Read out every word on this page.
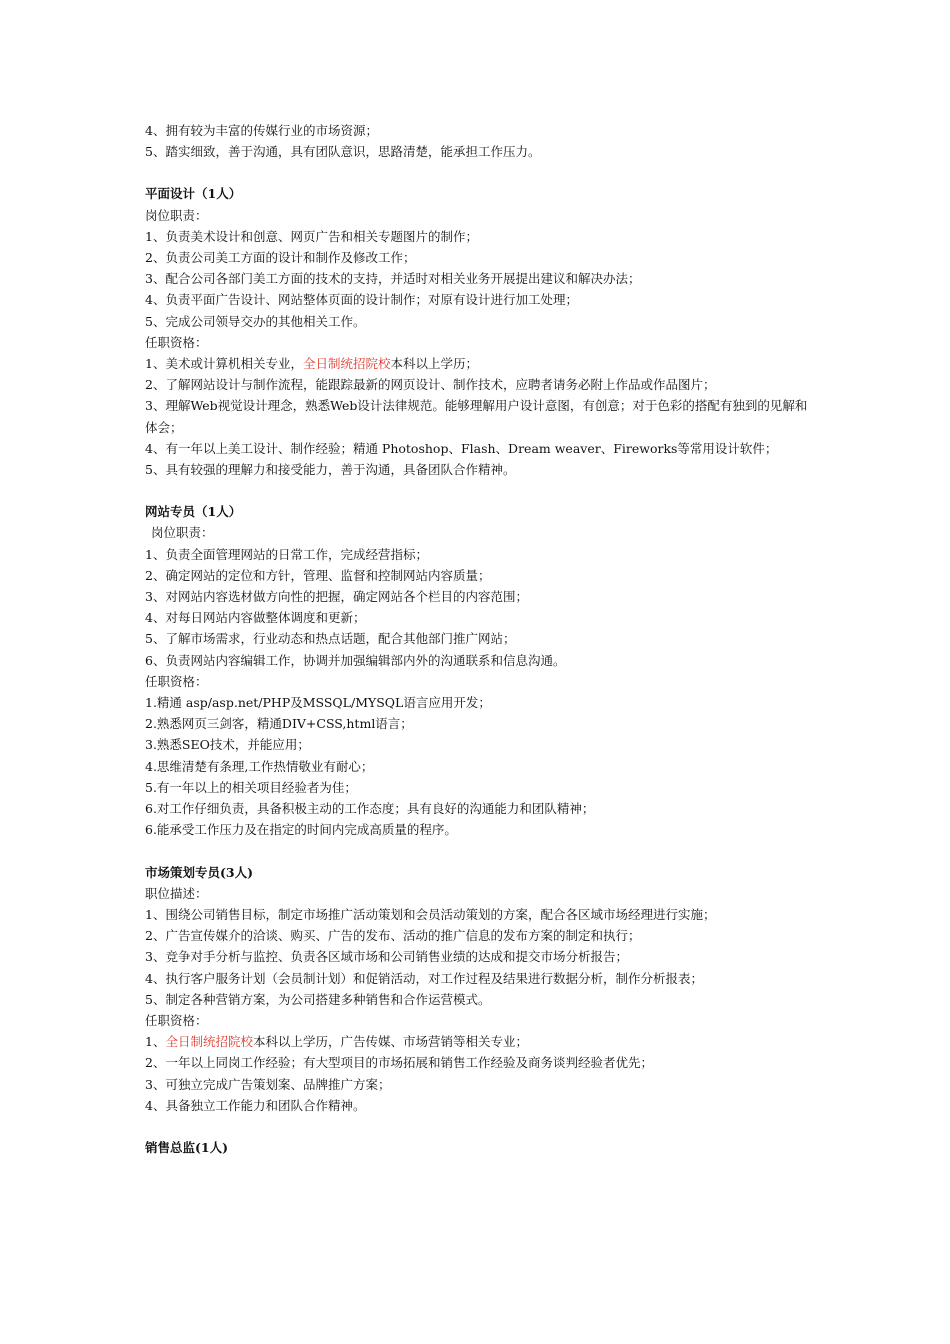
4、拥有较为丰富的传媒行业的市场资源；
5、踏实细致，善于沟通，具有团队意识，思路清楚，能承担工作压力。
平面设计（1人）
岗位职责：
1、负责美术设计和创意、网页广告和相关专题图片的制作；
2、负责公司美工方面的设计和制作及修改工作；
3、配合公司各部门美工方面的技术的支持，并适时对相关业务开展提出建议和解决办法；
4、负责平面广告设计、网站整体页面的设计制作；对原有设计进行加工处理；
5、完成公司领导交办的其他相关工作。
任职资格：
1、美术或计算机相关专业，全日制统招院校本科以上学历；
2、了解网站设计与制作流程，能跟踪最新的网页设计、制作技术，应聘者请务必附上作品或作品图片；
3、理解Web视觉设计理念，熟悉Web设计法律规范。能够理解用户设计意图，有创意；对于色彩的搭配有独到的见解和体会；
4、有一年以上美工设计、制作经验；精通 Photoshop、Flash、Dream weaver、Fireworks等常用设计软件；
5、具有较强的理解力和接受能力，善于沟通，具备团队合作精神。
网站专员（1人）
岗位职责：
1、负责全面管理网站的日常工作，完成经营指标；
2、确定网站的定位和方针，管理、监督和控制网站内容质量；
3、对网站内容选材做方向性的把握，确定网站各个栏目的内容范围；
4、对每日网站内容做整体调度和更新；
5、了解市场需求，行业动态和热点话题，配合其他部门推广网站；
6、负责网站内容编辑工作，协调并加强编辑部内外的沟通联系和信息沟通。
任职资格：
1.精通 asp/asp.net/PHP及MSSQL/MYSQL语言应用开发；
2.熟悉网页三剑客，精通DIV+CSS,html语言；
3.熟悉SEO技术，并能应用；
4.思维清楚有条理,工作热情敬业有耐心；
5.有一年以上的相关项目经验者为佳；
6.对工作仔细负责，具备积极主动的工作态度；具有良好的沟通能力和团队精神；
6.能承受工作压力及在指定的时间内完成高质量的程序。
市场策划专员(3人)
职位描述：
1、围绕公司销售目标，制定市场推广活动策划和会员活动策划的方案，配合各区域市场经理进行实施；
2、广告宣传媒介的洽谈、购买、广告的发布、活动的推广信息的发布方案的制定和执行；
3、竞争对手分析与监控、负责各区域市场和公司销售业绩的达成和提交市场分析报告；
4、执行客户服务计划（会员制计划）和促销活动，对工作过程及结果进行数据分析，制作分析报表；
5、制定各种营销方案，为公司搭建多种销售和合作运营模式。
任职资格：
1、全日制统招院校本科以上学历，广告传媒、市场营销等相关专业；
2、一年以上同岗工作经验；有大型项目的市场拓展和销售工作经验及商务谈判经验者优先；
3、可独立完成广告策划案、品牌推广方案；
4、具备独立工作能力和团队合作精神。
销售总监(1人)
